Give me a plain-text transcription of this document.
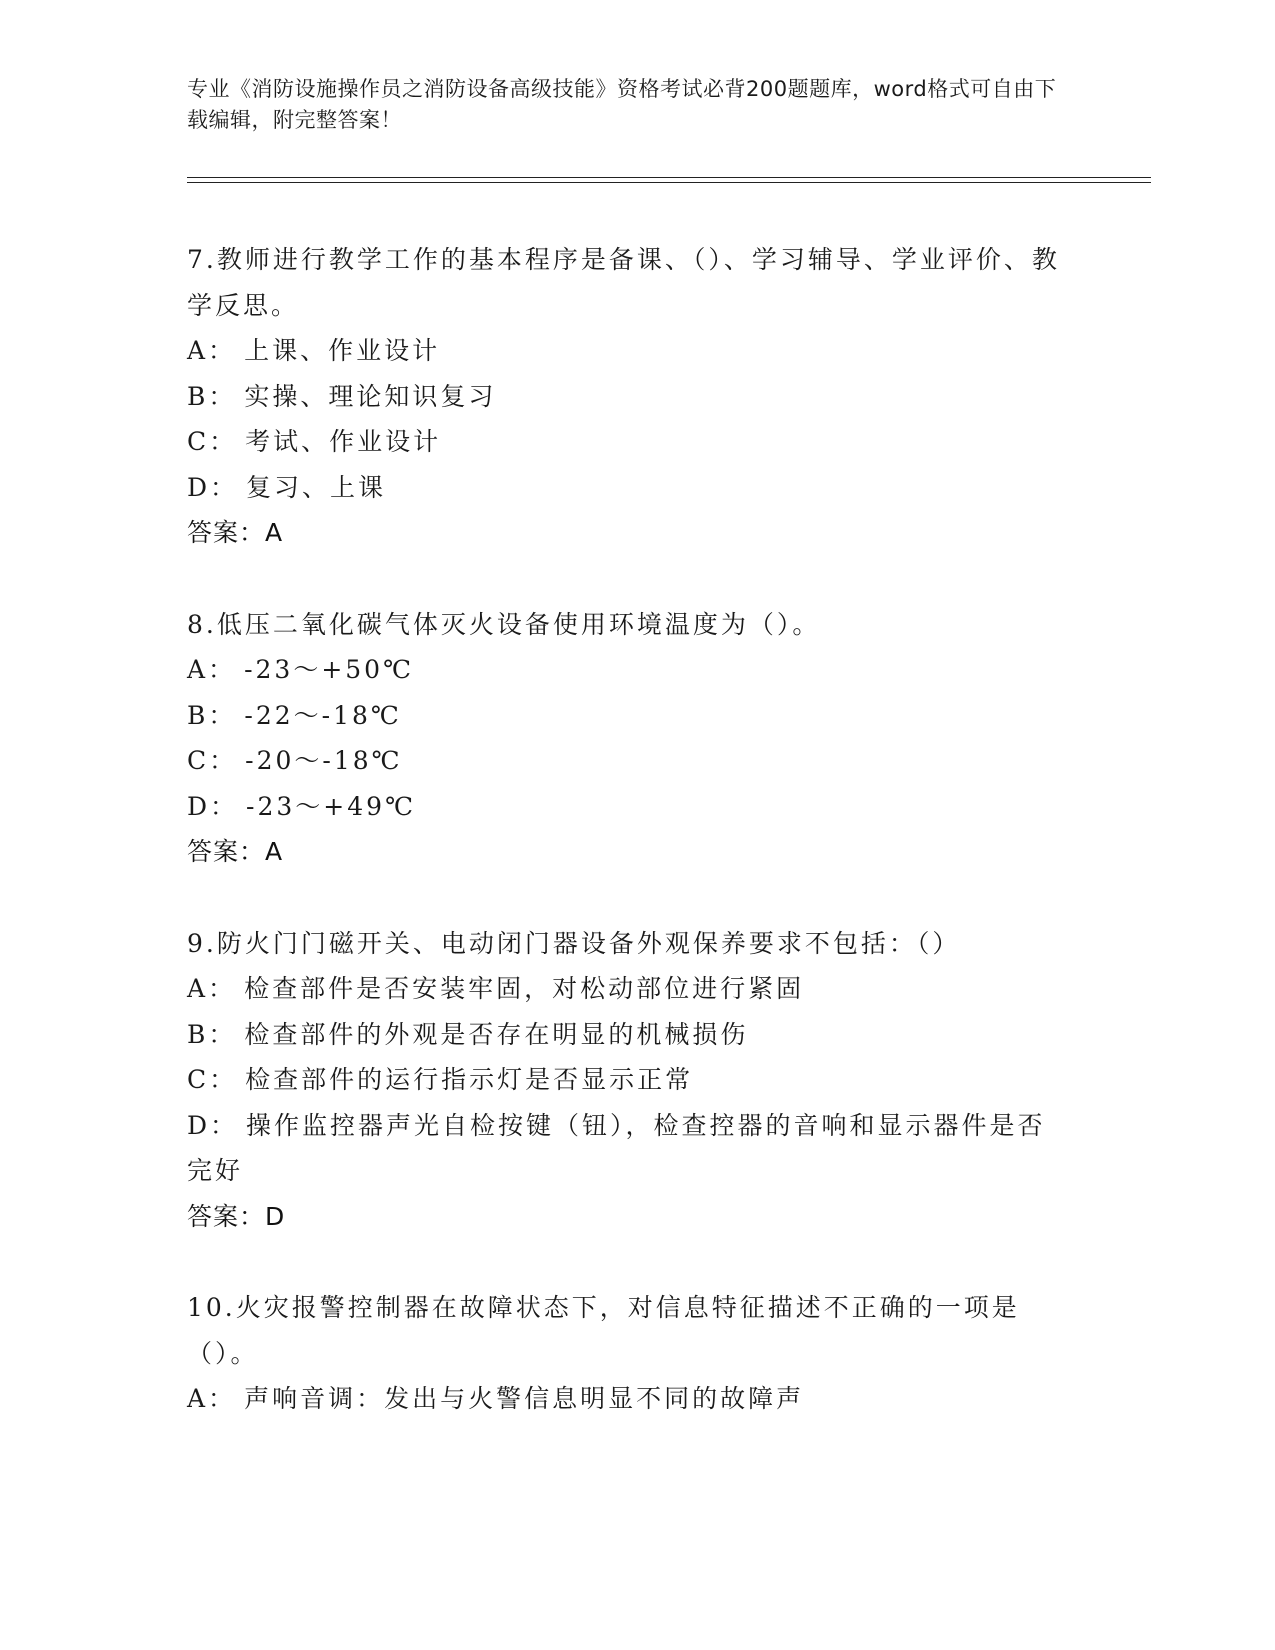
专业《消防设施操作员之消防设备高级技能》资格考试必背200题题库，word格式可自由下载编辑，附完整答案！

7.教师进行教学工作的基本程序是备课、（）、学习辅导、学业评价、教学反思。

A： 上课、作业设计

B： 实操、理论知识复习

C： 考试、作业设计

D： 复习、上课

答案：A

8.低压二氧化碳气体灭火设备使用环境温度为（）。

A： -23～+50℃

B： -22～-18℃

C： -20～-18℃

D： -23～+49℃

答案：A

9.防火门门磁开关、电动闭门器设备外观保养要求不包括：（）

A： 检查部件是否安装牢固，对松动部位进行紧固

B： 检查部件的外观是否存在明显的机械损伤

C： 检查部件的运行指示灯是否显示正常

D： 操作监控器声光自检按键（钮），检查控器的音响和显示器件是否完好

答案：D

10.火灾报警控制器在故障状态下，对信息特征描述不正确的一项是（）。

A： 声响音调：发出与火警信息明显不同的故障声
